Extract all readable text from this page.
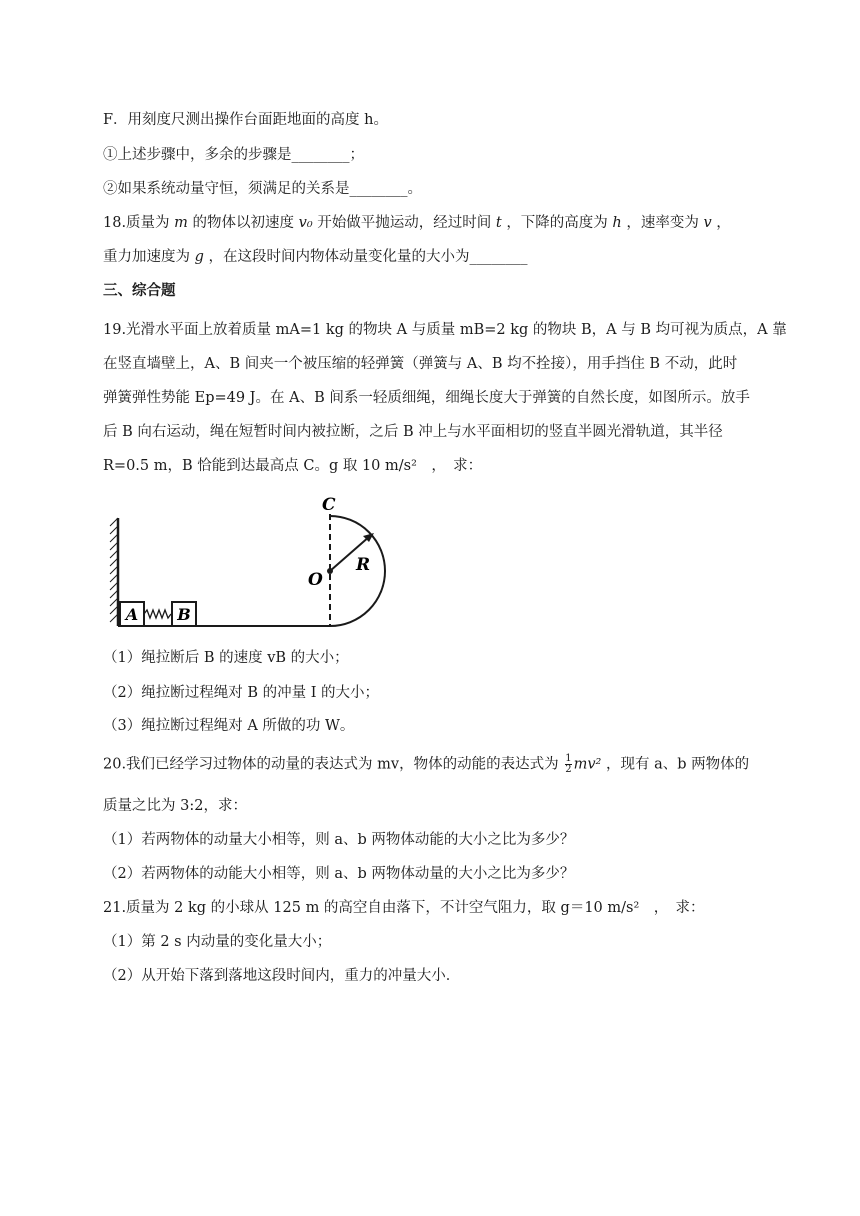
F．用刻度尺测出操作台面距地面的高度 h。
①上述步骤中，多余的步骤是________；
②如果系统动量守恒，须满足的关系是________。
18.质量为 m 的物体以初速度 v₀ 开始做平抛运动，经过时间 t ，下降的高度为 h ，速率变为 v ，
重力加速度为 g ，在这段时间内物体动量变化量的大小为________
三、综合题
19.光滑水平面上放着质量 mA=1 kg 的物块 A 与质量 mB=2 kg 的物块 B，A 与 B 均可视为质点，A 靠
在竖直墙壁上，A、B 间夹一个被压缩的轻弹簧（弹簧与 A、B 均不拴接），用手挡住 B 不动，此时
弹簧弹性势能 Ep=49 J。在 A、B 间系一轻质细绳，细绳长度大于弹簧的自然长度，如图所示。放手
后 B 向右运动，绳在短暂时间内被拉断，之后 B 冲上与水平面相切的竖直半圆光滑轨道，其半径
R=0.5 m，B 恰能到达最高点 C。g 取 10 m/s²　，　求：
A B
O
R
C
（1）绳拉断后 B 的速度 vB 的大小；
（2）绳拉断过程绳对 B 的冲量 I 的大小；
（3）绳拉断过程绳对 A 所做的功 W。
20.我们已经学习过物体的动量的表达式为 mv，物体的动能的表达式为 $\frac{1}{2} mv^2$ ，现有 a、b 两物体的
质量之比为 3:2，求：
（1）若两物体的动量大小相等，则 a、b 两物体动能的大小之比为多少？
（2）若两物体的动能大小相等，则 a、b 两物体动量的大小之比为多少？
21.质量为 2 kg 的小球从 125 m 的高空自由落下，不计空气阻力，取 g＝10 m/s²　，　求：
（1）第 2 s 内动量的变化量大小；
（2）从开始下落到落地这段时间内，重力的冲量大小．
